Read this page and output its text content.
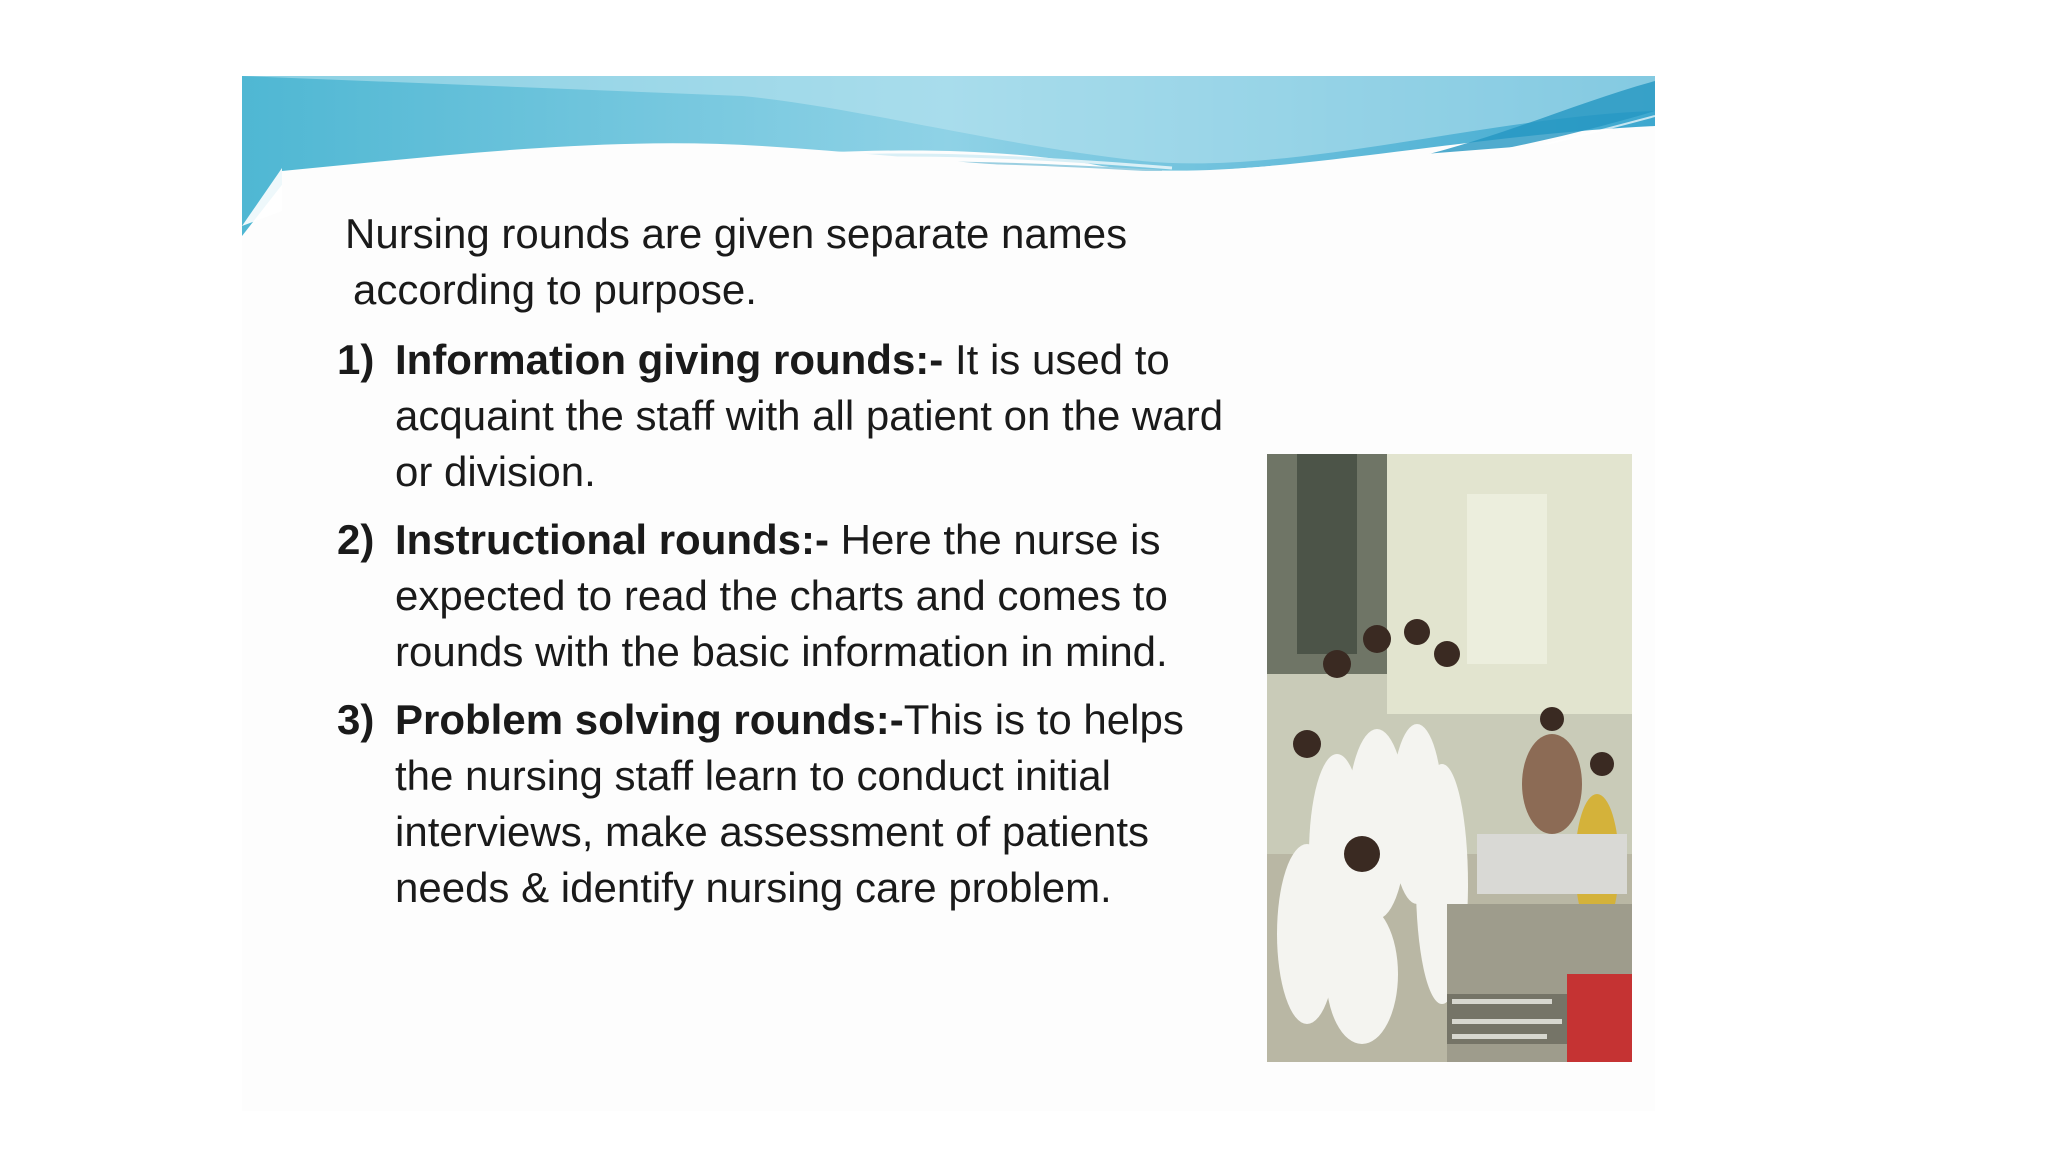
Nursing rounds are given separate names
according to purpose.

1) Information giving rounds:- It is used to acquaint the staff with all patient on the ward or division.
2) Instructional rounds:- Here the nurse is expected to read the charts and comes to rounds with the basic information in mind.
3) Problem solving rounds:-This is to helps the nursing staff learn to conduct initial interviews, make assessment of patients needs & identify nursing care problem.
